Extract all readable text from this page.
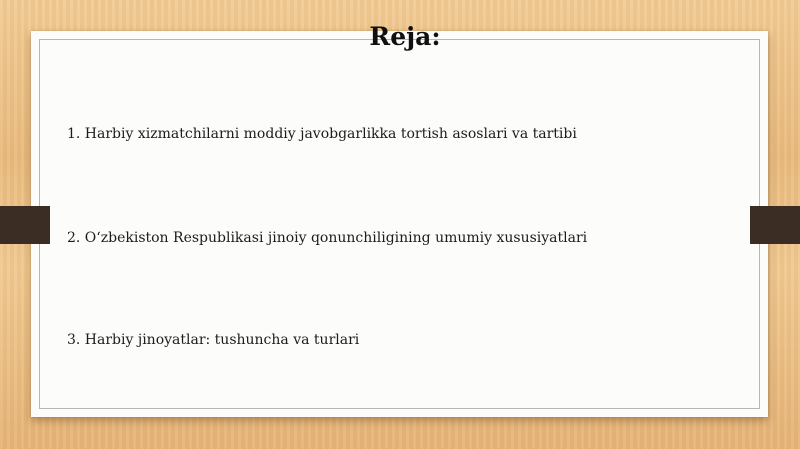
Reja:
1. Harbiy xizmatchilarni moddiy javobgarlikka tortish asoslari va tartibi
2. O‘zbekiston Respublikasi jinoiy qonunchiligining umumiy xususiyatlari
3. Harbiy jinoyatlar: tushuncha va turlari
